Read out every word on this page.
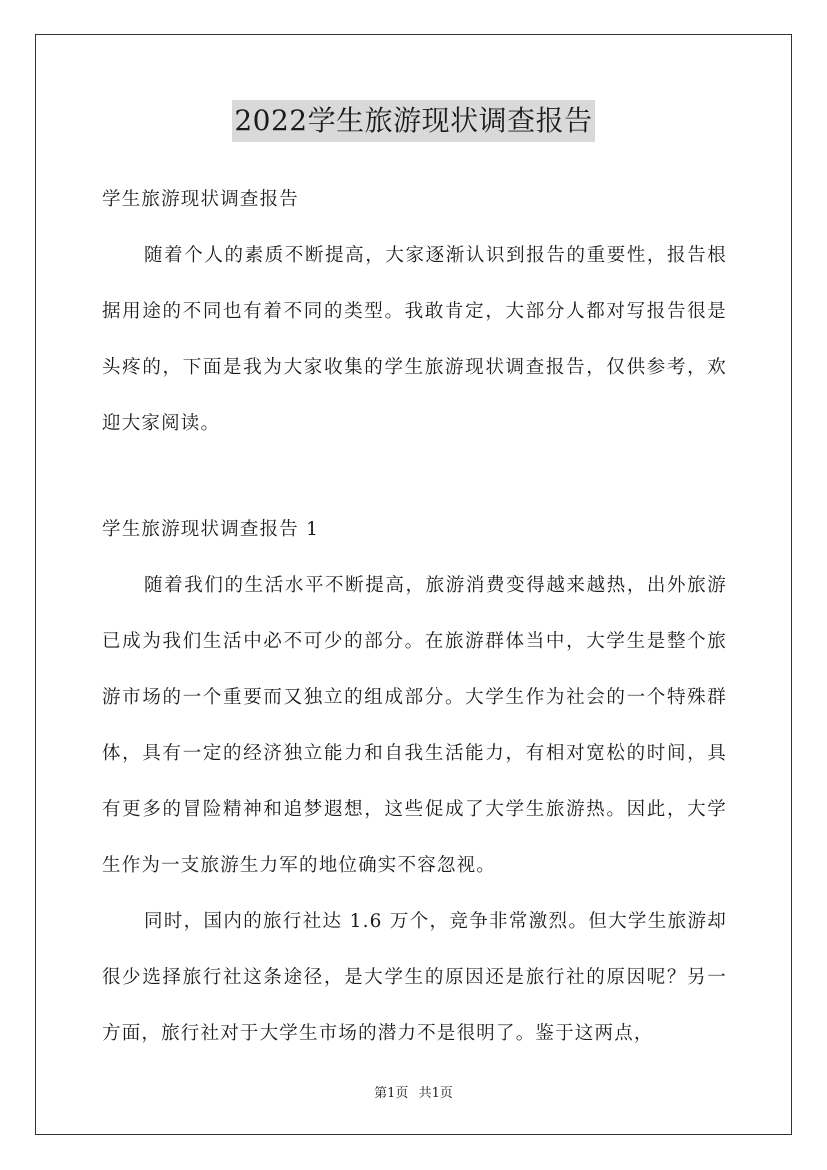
2022学生旅游现状调查报告

学生旅游现状调查报告

随着个人的素质不断提高，大家逐渐认识到报告的重要性，报告根据用途的不同也有着不同的类型。我敢肯定，大部分人都对写报告很是头疼的，下面是我为大家收集的学生旅游现状调查报告，仅供参考，欢迎大家阅读。

学生旅游现状调查报告 1

随着我们的生活水平不断提高，旅游消费变得越来越热，出外旅游已成为我们生活中必不可少的部分。在旅游群体当中，大学生是整个旅游市场的一个重要而又独立的组成部分。大学生作为社会的一个特殊群体，具有一定的经济独立能力和自我生活能力，有相对宽松的时间，具有更多的冒险精神和追梦遐想，这些促成了大学生旅游热。因此，大学生作为一支旅游生力军的地位确实不容忽视。

同时，国内的旅行社达 1.6 万个，竞争非常激烈。但大学生旅游却很少选择旅行社这条途径，是大学生的原因还是旅行社的原因呢？另一方面，旅行社对于大学生市场的潜力不是很明了。鉴于这两点，

第1页 共1页
